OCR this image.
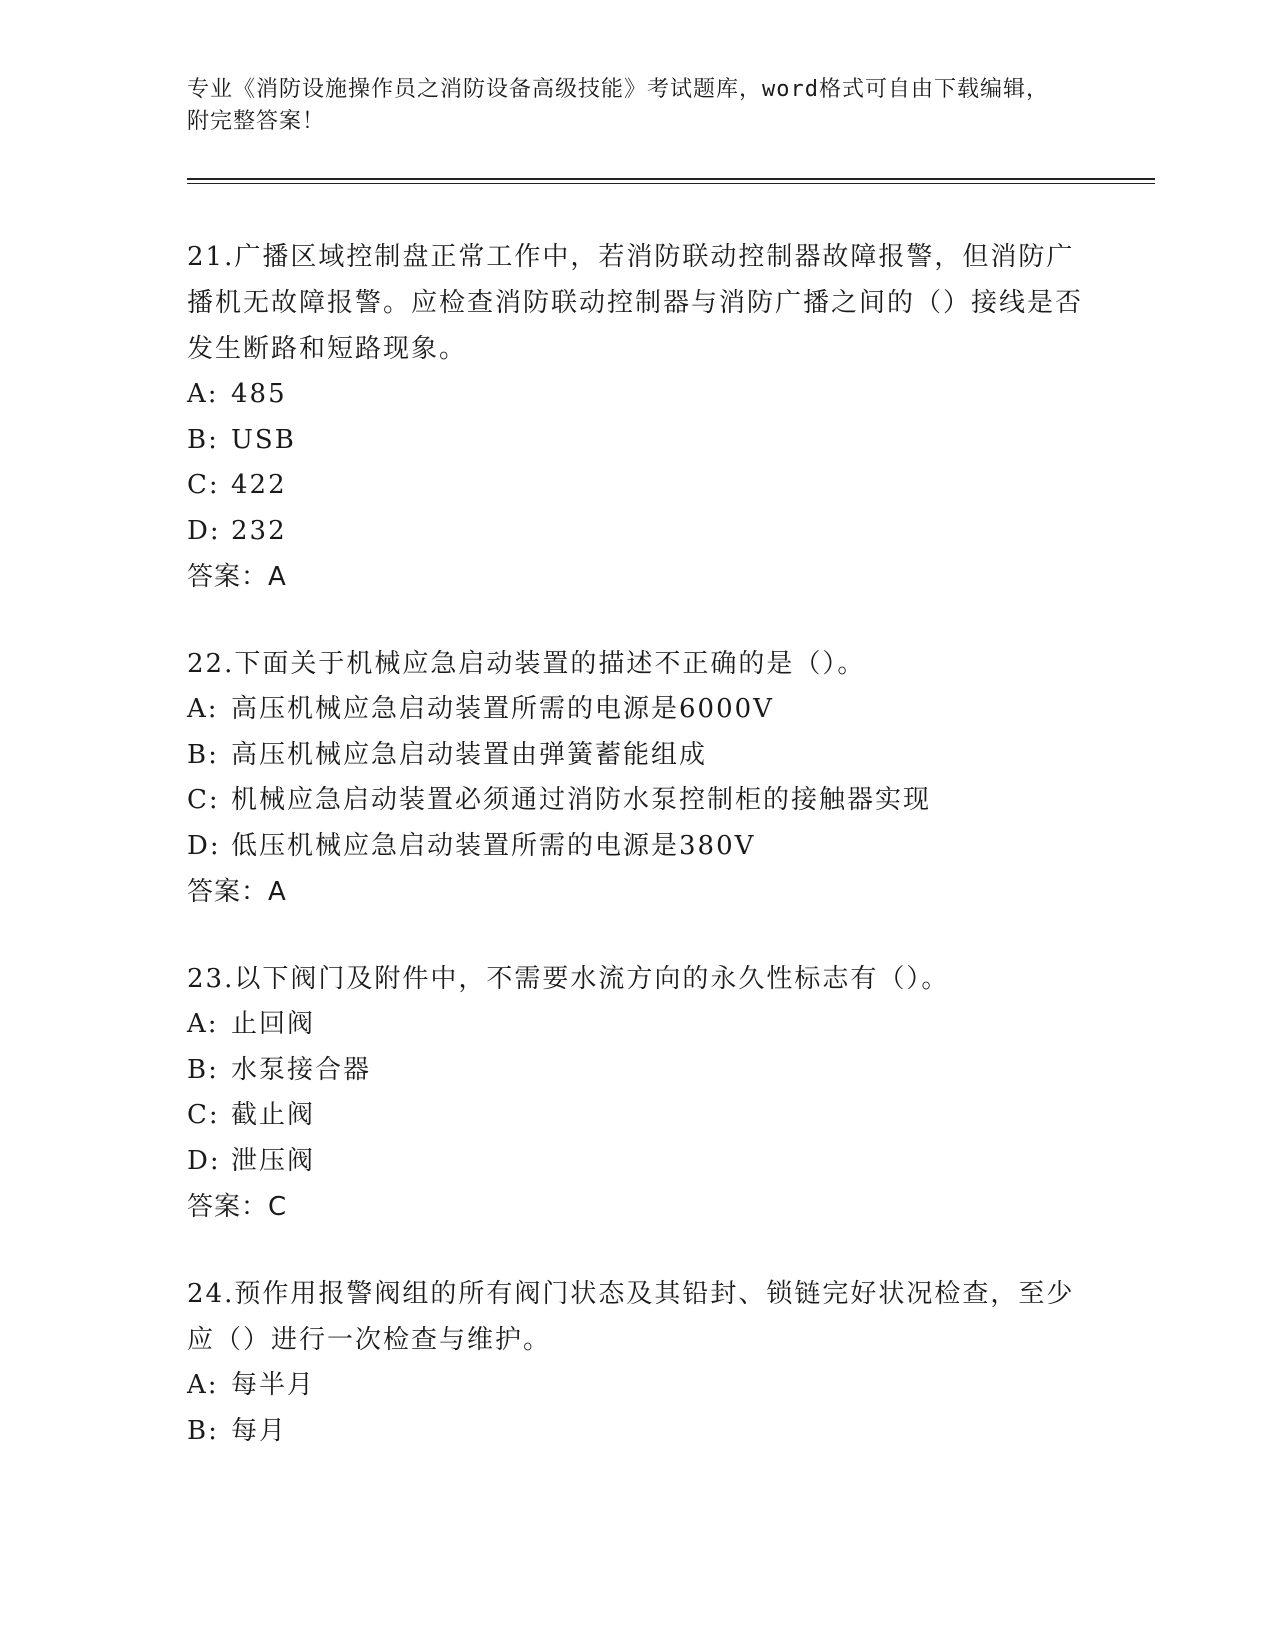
专业《消防设施操作员之消防设备高级技能》考试题库，word格式可自由下载编辑，附完整答案！
21.广播区域控制盘正常工作中，若消防联动控制器故障报警，但消防广播机无故障报警。应检查消防联动控制器与消防广播之间的（）接线是否发生断路和短路现象。
A: 485
B: USB
C: 422
D: 232
答案：A
22.下面关于机械应急启动装置的描述不正确的是（）。
A: 高压机械应急启动装置所需的电源是6000V
B: 高压机械应急启动装置由弹簧蓄能组成
C: 机械应急启动装置必须通过消防水泵控制柜的接触器实现
D: 低压机械应急启动装置所需的电源是380V
答案：A
23.以下阀门及附件中，不需要水流方向的永久性标志有（）。
A: 止回阀
B: 水泵接合器
C: 截止阀
D: 泄压阀
答案：C
24.预作用报警阀组的所有阀门状态及其铅封、锁链完好状况检查，至少应（）进行一次检查与维护。
A: 每半月
B: 每月
